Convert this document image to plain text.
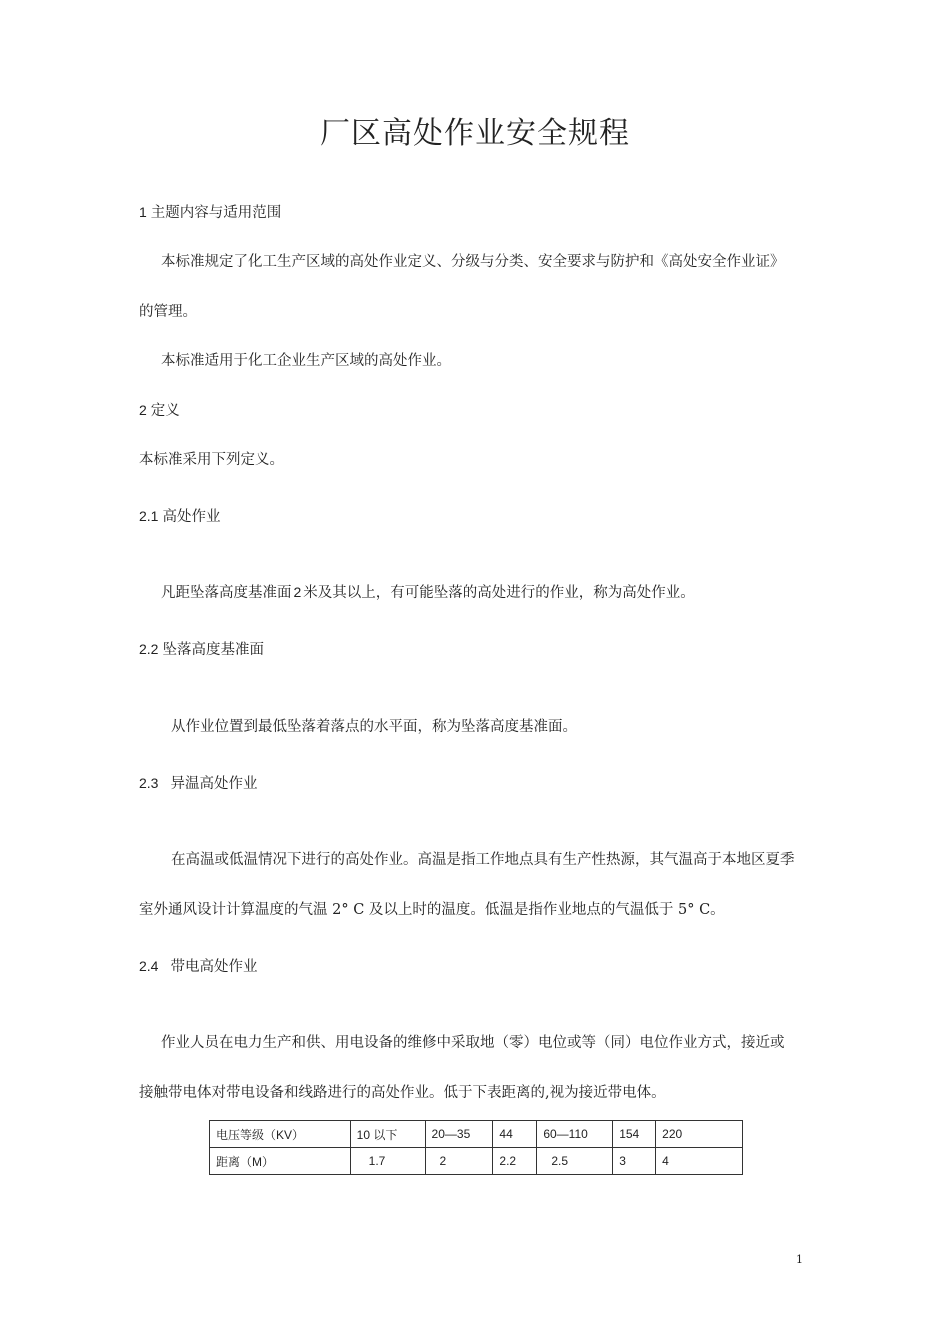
厂区高处作业安全规程
1 主题内容与适用范围
本标准规定了化工生产区域的高处作业定义、分级与分类、安全要求与防护和《高处安全作业证》
的管理。
本标准适用于化工企业生产区域的高处作业。
2 定义
本标准采用下列定义。
2.1 高处作业
凡距坠落高度基准面 2 米及其以上，有可能坠落的高处进行的作业，称为高处作业。
2.2 坠落高度基准面
从作业位置到最低坠落着落点的水平面，称为坠落高度基准面。
2.3 异温高处作业
在高温或低温情况下进行的高处作业。高温是指工作地点具有生产性热源，其气温高于本地区夏季
室外通风设计计算温度的气温 2° C 及以上时的温度。低温是指作业地点的气温低于 5° C。
2.4 带电高处作业
作业人员在电力生产和供、用电设备的维修中采取地（零）电位或等（同）电位作业方式，接近或
接触带电体对带电设备和线路进行的高处作业。低于下表距离的,视为接近带电体。
电压等级（KV）	10 以下	20—35	44	60—110	154	220
距离（M）	1.7	2	2.2	2.5	3	4
1
